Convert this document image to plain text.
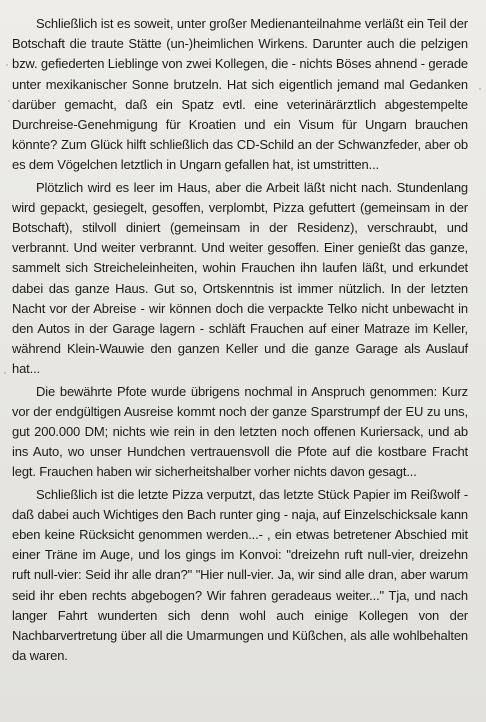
Schließlich ist es soweit, unter großer Medienanteilnahme verläßt ein Teil der Botschaft die traute Stätte (un-)heimlichen Wirkens. Darunter auch die pelzigen bzw. gefiederten Lieblinge von zwei Kollegen, die - nichts Böses ahnend - gerade unter mexikanischer Sonne brutzeln. Hat sich eigentlich jemand mal Gedanken darüber gemacht, daß ein Spatz evtl. eine veterinärärztlich abgestempelte Durchreise-Genehmigung für Kroatien und ein Visum für Ungarn brauchen könnte? Zum Glück hilft schließlich das CD-Schild an der Schwanzfeder, aber ob es dem Vögelchen letztlich in Ungarn gefallen hat, ist umstritten...

Plötzlich wird es leer im Haus, aber die Arbeit läßt nicht nach. Stundenlang wird gepackt, gesiegelt, gesoffen, verplombt, Pizza gefuttert (gemeinsam in der Botschaft), stilvoll diniert (gemeinsam in der Residenz), verschraubt, und verbrannt. Und weiter verbrannt. Und weiter gesoffen. Einer genießt das ganze, sammelt sich Streicheleinheiten, wohin Frauchen ihn laufen läßt, und erkundet dabei das ganze Haus. Gut so, Ortskenntnis ist immer nützlich. In der letzten Nacht vor der Abreise - wir können doch die verpackte Telko nicht unbewacht in den Autos in der Garage lagern - schläft Frauchen auf einer Matraze im Keller, während Klein-Wauwie den ganzen Keller und die ganze Garage als Auslauf hat...

Die bewährte Pfote wurde übrigens nochmal in Anspruch genommen: Kurz vor der endgültigen Ausreise kommt noch der ganze Sparstrumpf der EU zu uns, gut 200.000 DM; nichts wie rein in den letzten noch offenen Kuriersack, und ab ins Auto, wo unser Hundchen vertrauensvoll die Pfote auf die kostbare Fracht legt. Frauchen haben wir sicherheitshalber vorher nichts davon gesagt...

Schließlich ist die letzte Pizza verputzt, das letzte Stück Papier im Reißwolf - daß dabei auch Wichtiges den Bach runter ging - naja, auf Einzelschicksale kann eben keine Rücksicht genommen werden...- , ein etwas betretener Abschied mit einer Träne im Auge, und los gings im Konvoi: "dreizehn ruft null-vier, dreizehn ruft null-vier: Seid ihr alle dran?" "Hier null-vier. Ja, wir sind alle dran, aber warum seid ihr eben rechts abgebogen? Wir fahren geradeaus weiter..." Tja, und nach langer Fahrt wunderten sich denn wohl auch einige Kollegen von der Nachbarvertretung über all die Umarmungen und Küßchen, als alle wohlbehalten da waren.
